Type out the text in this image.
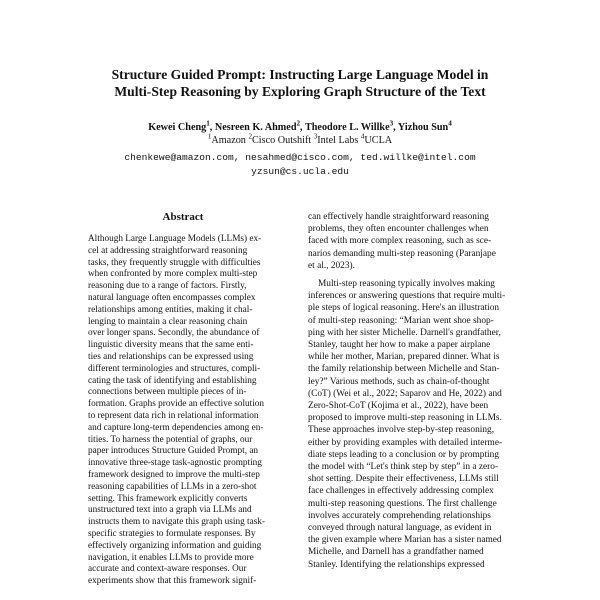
Structure Guided Prompt: Instructing Large Language Model in
Multi-Step Reasoning by Exploring Graph Structure of the Text
Kewei Cheng$^1$, Nesreen K. Ahmed$^2$, Theodore L. Willke$^3$, Yizhou Sun$^4$
$^1$Amazon $^2$Cisco Outshift $^3$Intel Labs $^4$UCLA
chenkewe@amazon.com, nesahmed@cisco.com, ted.willke@intel.com
yzsun@cs.ucla.edu
Abstract
Although Large Language Models (LLMs) ex-
cel at addressing straightforward reasoning
tasks, they frequently struggle with difficulties
when confronted by more complex multi-step
reasoning due to a range of factors. Firstly,
natural language often encompasses complex
relationships among entities, making it chal-
lenging to maintain a clear reasoning chain
over longer spans. Secondly, the abundance of
linguistic diversity means that the same enti-
ties and relationships can be expressed using
different terminologies and structures, compli-
cating the task of identifying and establishing
connections between multiple pieces of in-
formation. Graphs provide an effective solution
to represent data rich in relational information
and capture long-term dependencies among en-
tities. To harness the potential of graphs, our
paper introduces Structure Guided Prompt, an
innovative three-stage task-agnostic prompting
framework designed to improve the multi-step
reasoning capabilities of LLMs in a zero-shot
setting. This framework explicitly converts
unstructured text into a graph via LLMs and
instructs them to navigate this graph using task-
specific strategies to formulate responses. By
effectively organizing information and guiding
navigation, it enables LLMs to provide more
accurate and context-aware responses. Our
experiments show that this framework signif-
can effectively handle straightforward reasoning
problems, they often encounter challenges when
faced with more complex reasoning, such as sce-
narios demanding multi-step reasoning (Paranjape
et al., 2023).
Multi-step reasoning typically involves making
inferences or answering questions that require multi-
ple steps of logical reasoning. Here's an illustration
of multi-step reasoning: “Marian went shoe shop-
ping with her sister Michelle. Darnell's grandfather,
Stanley, taught her how to make a paper airplane
while her mother, Marian, prepared dinner. What is
the family relationship between Michelle and Stan-
ley?” Various methods, such as chain-of-thought
(CoT) (Wei et al., 2022; Saparov and He, 2022) and
Zero-Shot-CoT (Kojima et al., 2022), have been
proposed to improve multi-step reasoning in LLMs.
These approaches involve step-by-step reasoning,
either by providing examples with detailed interme-
diate steps leading to a conclusion or by prompting
the model with “Let's think step by step” in a zero-
shot setting. Despite their effectiveness, LLMs still
face challenges in effectively addressing complex
multi-step reasoning questions. The first challenge
involves accurately comprehending relationships
conveyed through natural language, as evident in
the given example where Marian has a sister named
Michelle, and Darnell has a grandfather named
Stanley. Identifying the relationships expressed
